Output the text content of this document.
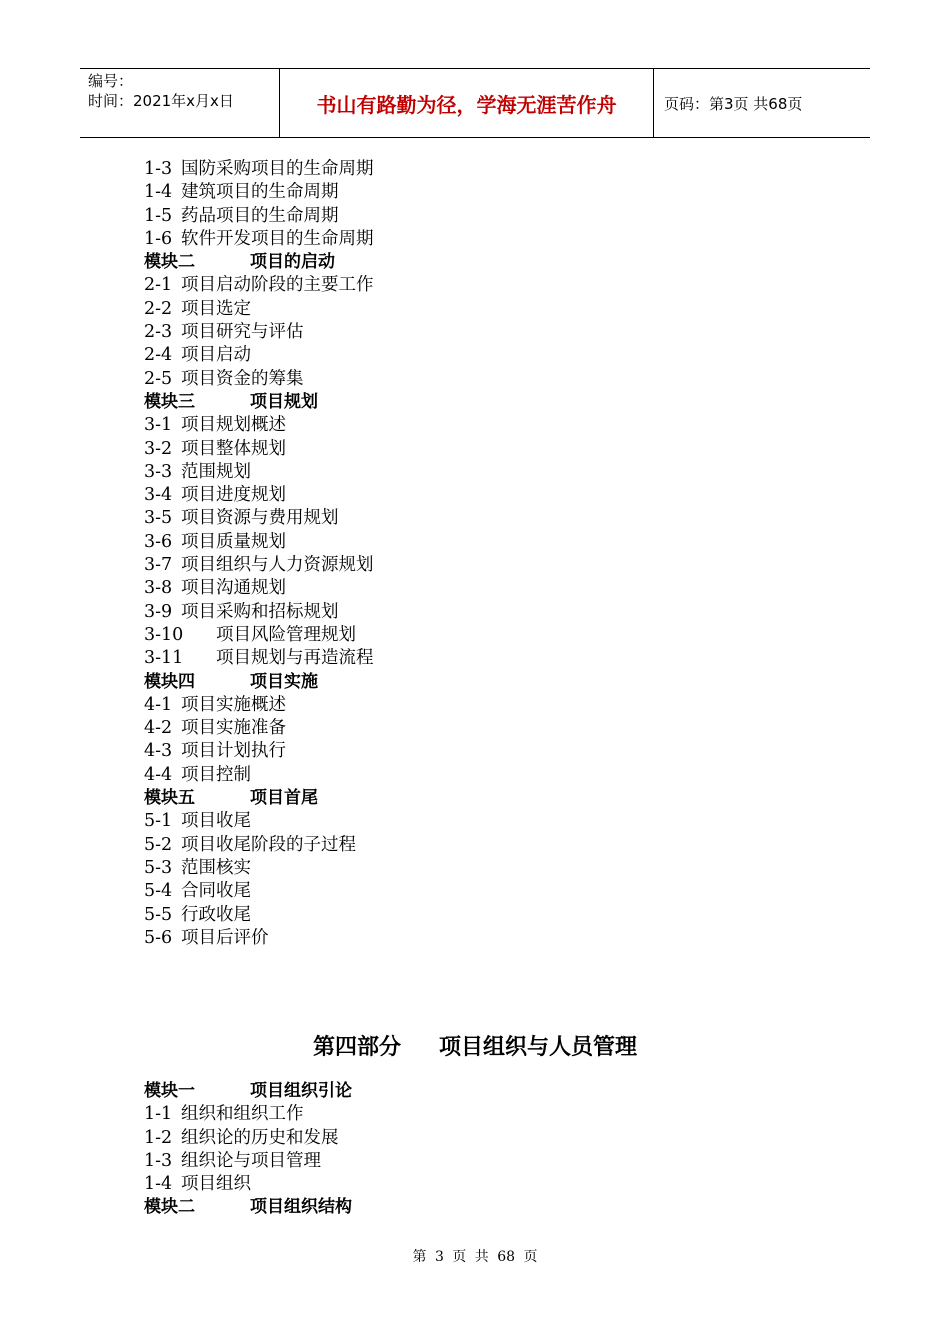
编号：
时间：2021年x月x日	书山有路勤为径，学海无涯苦作舟	页码：第3页 共68页
1-3 国防采购项目的生命周期
1-4 建筑项目的生命周期
1-5 药品项目的生命周期
1-6 软件开发项目的生命周期
模块二	项目的启动
2-1 项目启动阶段的主要工作
2-2 项目选定
2-3 项目研究与评估
2-4 项目启动
2-5 项目资金的筹集
模块三	项目规划
3-1 项目规划概述
3-2 项目整体规划
3-3 范围规划
3-4 项目进度规划
3-5 项目资源与费用规划
3-6 项目质量规划
3-7 项目组织与人力资源规划
3-8 项目沟通规划
3-9 项目采购和招标规划
3-10 项目风险管理规划
3-11 项目规划与再造流程
模块四	项目实施
4-1 项目实施概述
4-2 项目实施准备
4-3 项目计划执行
4-4 项目控制
模块五	项目首尾
5-1 项目收尾
5-2 项目收尾阶段的子过程
5-3 范围核实
5-4 合同收尾
5-5 行政收尾
5-6 项目后评价
第四部分 项目组织与人员管理
模块一	项目组织引论
1-1 组织和组织工作
1-2 组织论的历史和发展
1-3 组织论与项目管理
1-4 项目组织
模块二	项目组织结构
第 3 页 共 68 页
